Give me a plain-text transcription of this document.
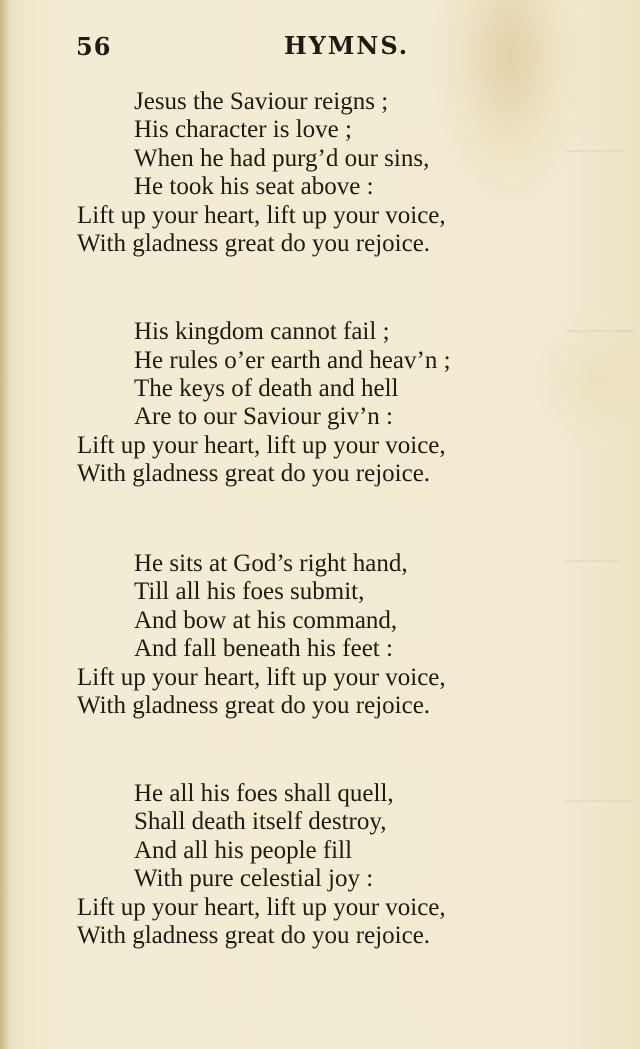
56	HYMNS.
Jesus the Saviour reigns ;
His character is love ;
When he had purg’d our sins,
He took his seat above :
Lift up your heart, lift up your voice,
With gladness great do you rejoice.
His kingdom cannot fail ;
He rules o’er earth and heav’n ;
The keys of death and hell
Are to our Saviour giv’n :
Lift up your heart, lift up your voice,
With gladness great do you rejoice.
He sits at God’s right hand,
Till all his foes submit,
And bow at his command,
And fall beneath his feet :
Lift up your heart, lift up your voice,
With gladness great do you rejoice.
He all his foes shall quell,
Shall death itself destroy,
And all his people fill
With pure celestial joy :
Lift up your heart, lift up your voice,
With gladness great do you rejoice.
